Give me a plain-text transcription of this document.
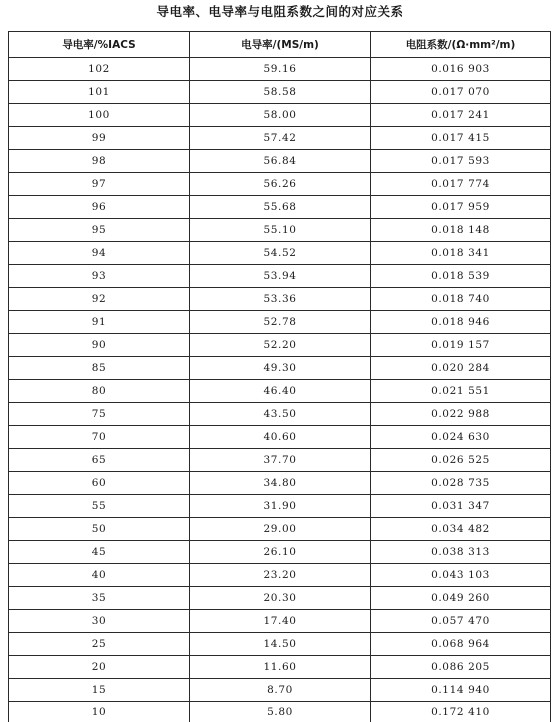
导电率、电导率与电阻系数之间的对应关系
导电率/%IACS	电导率/(MS/m)	电阻系数/(Ω·mm²/m)
102	59.16	0.016 903
101	58.58	0.017 070
100	58.00	0.017 241
99	57.42	0.017 415
98	56.84	0.017 593
97	56.26	0.017 774
96	55.68	0.017 959
95	55.10	0.018 148
94	54.52	0.018 341
93	53.94	0.018 539
92	53.36	0.018 740
91	52.78	0.018 946
90	52.20	0.019 157
85	49.30	0.020 284
80	46.40	0.021 551
75	43.50	0.022 988
70	40.60	0.024 630
65	37.70	0.026 525
60	34.80	0.028 735
55	31.90	0.031 347
50	29.00	0.034 482
45	26.10	0.038 313
40	23.20	0.043 103
35	20.30	0.049 260
30	17.40	0.057 470
25	14.50	0.068 964
20	11.60	0.086 205
15	8.70	0.114 940
10	5.80	0.172 410
